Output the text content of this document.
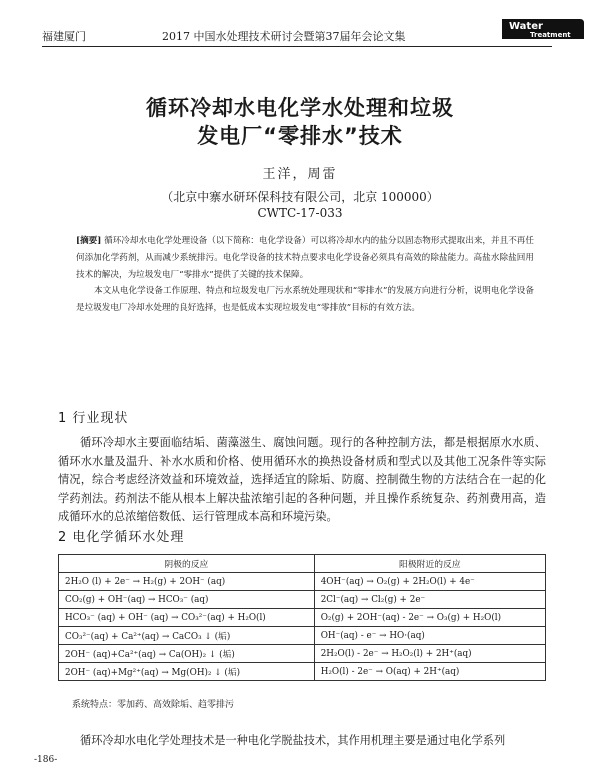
福建厦门	2017 中国水处理技术研讨会暨第37届年会论文集
Water
Treatment
循环冷却水电化学水处理和垃圾
发电厂“零排水”技术
王洋，周雷
（北京中寨水研环保科技有限公司，北京 100000）
CWTC-17-033

[摘要] 循环冷却水电化学处理设备（以下简称：电化学设备）可以将冷却水内的盐分以固态物形式提取出来，并且不再任何添加化学药剂，从而减少系统排污。电化学设备的技术特点要求电化学设备必须具有高效的除盐能力。高盐水除盐回用技术的解决，为垃圾发电厂“零排水”提供了关键的技术保障。

本文从电化学设备工作原理、特点和垃圾发电厂污水系统处理现状和“零排水”的发展方向进行分析，说明电化学设备是垃圾发电厂冷却水处理的良好选择，也是低成本实现垃圾发电“零排放”目标的有效方法。

1 行业现状

循环冷却水主要面临结垢、菌藻滋生、腐蚀问题。现行的各种控制方法，都是根据原水水质、循环水水量及温升、补水水质和价格、使用循环水的换热设备材质和型式以及其他工况条件等实际情况，综合考虑经济效益和环境效益，选择适宜的除垢、防腐、控制微生物的方法结合在一起的化学药剂法。药剂法不能从根本上解决盐浓缩引起的各种问题，并且操作系统复杂、药剂费用高，造成循环水的总浓缩倍数低、运行管理成本高和环境污染。

2 电化学循环水处理
阴极的反应	阳极附近的反应
2H₂O (l) + 2e⁻ → H₂(g) + 2OH⁻ (aq)	4OH⁻(aq) → O₂(g) + 2H₂O(l) + 4e⁻
CO₂(g) + OH⁻(aq) → HCO₃⁻ (aq)	2Cl⁻(aq) → Cl₂(g) + 2e⁻
HCO₃⁻ (aq) + OH⁻ (aq) → CO₃²⁻(aq) + H₂O(l)	O₂(g) + 2OH⁻(aq) - 2e⁻ → O₃(g) + H₂O(l)
CO₃²⁻(aq) + Ca²⁺(aq) → CaCO₃ ↓ (垢)	OH⁻(aq) - e⁻ → HO·(aq)
2OH⁻ (aq)+Ca²⁺(aq) → Ca(OH)₂ ↓ (垢)	2H₂O(l) - 2e⁻ → H₂O₂(l) + 2H⁺(aq)
2OH⁻ (aq)+Mg²⁺(aq) → Mg(OH)₂ ↓ (垢)	H₂O(l) - 2e⁻ → O(aq) + 2H⁺(aq)
系统特点：零加药、高效除垢、趋零排污

循环冷却水电化学处理技术是一种电化学脱盐技术，其作用机理主要是通过电化学系列

-186-
